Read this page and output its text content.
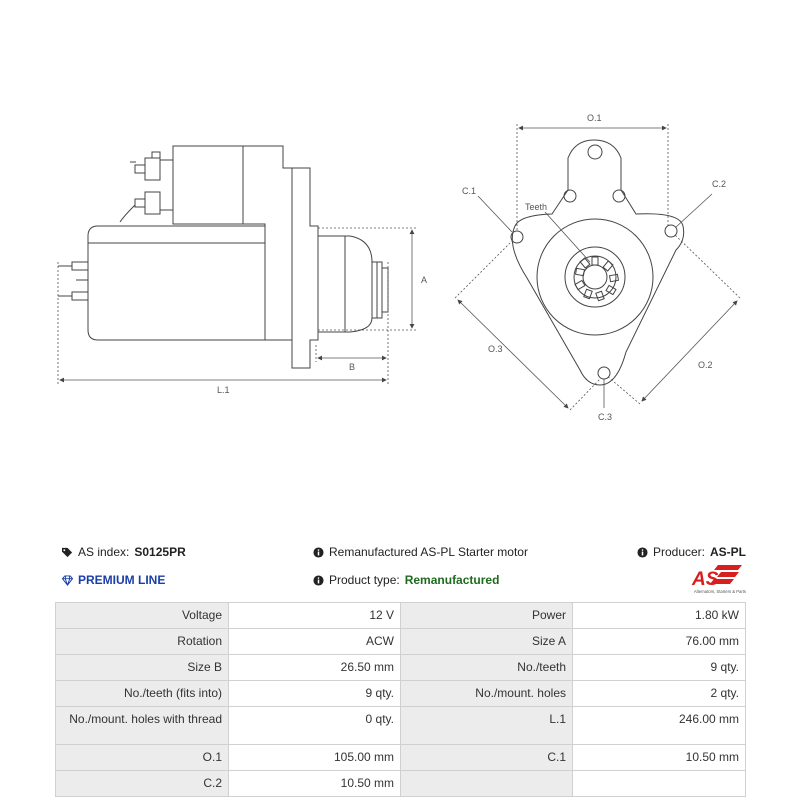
A
B
L.1
O.1
O.2
O.3
C.1
C.2
C.3
Teeth
AS index: S0125PR
PREMIUM LINE
Remanufactured AS-PL Starter motor
Product type: Remanufactured
Producer: AS-PL
AS
Alternators, Starters & Parts
Voltage	12 V	Power	1.80 kW
Rotation	ACW	Size A	76.00 mm
Size B	26.50 mm	No./teeth	9 qty.
No./teeth (fits into)	9 qty.	No./mount. holes	2 qty.
No./mount. holes with thread	0 qty.	L.1	246.00 mm
O.1	105.00 mm	C.1	10.50 mm
C.2	10.50 mm		
